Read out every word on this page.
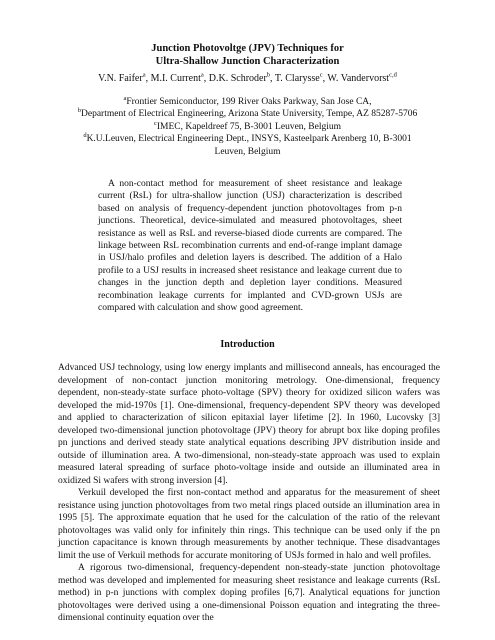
Junction Photovoltge (JPV) Techniques for
Ultra-Shallow Junction Characterization
V.N. Faifer$^a$, M.I. Current$^a$, D.K. Schroder$^b$, T. Clarysse$^c$, W. Vandervorst$^{c,d}$
$^a$Frontier Semiconductor, 199 River Oaks Parkway, San Jose CA,
$^b$Department of Electrical Engineering, Arizona State University, Tempe, AZ 85287-5706
$^c$IMEC, Kapeldreef 75, B-3001 Leuven, Belgium
$^d$K.U.Leuven, Electrical Engineering Dept., INSYS, Kasteelpark Arenberg 10, B-3001
Leuven, Belgium
A non-contact method for measurement of sheet resistance and leakage current (RsL) for ultra-shallow junction (USJ) characterization is described based on analysis of frequency-dependent junction photovoltages from p-n junctions. Theoretical, device-simulated and measured photovoltages, sheet resistance as well as RsL and reverse-biased diode currents are compared. The linkage between RsL recombination currents and end-of-range implant damage in USJ/halo profiles and deletion layers is described. The addition of a Halo profile to a USJ results in increased sheet resistance and leakage current due to changes in the junction depth and depletion layer conditions. Measured recombination leakage currents for implanted and CVD-grown USJs are compared with calculation and show good agreement.
Introduction

Advanced USJ technology, using low energy implants and millisecond anneals, has encouraged the development of non-contact junction monitoring metrology. One-dimensional, frequency dependent, non-steady-state surface photo-voltage (SPV) theory for oxidized silicon wafers was developed the mid-1970s [1]. One-dimensional, frequency-dependent SPV theory was developed and applied to characterization of silicon epitaxial layer lifetime [2]. In 1960, Lucovsky [3] developed two-dimensional junction photovoltage (JPV) theory for abrupt box like doping profiles pn junctions and derived steady state analytical equations describing JPV distribution inside and outside of illumination area. A two-dimensional, non-steady-state approach was used to explain measured lateral spreading of surface photo-voltage inside and outside an illuminated area in oxidized Si wafers with strong inversion [4].

Verkuil developed the first non-contact method and apparatus for the measurement of sheet resistance using junction photovoltages from two metal rings placed outside an illumination area in 1995 [5]. The approximate equation that he used for the calculation of the ratio of the relevant photovoltages was valid only for infinitely thin rings. This technique can be used only if the pn junction capacitance is known through measurements by another technique. These disadvantages limit the use of Verkuil methods for accurate monitoring of USJs formed in halo and well profiles.

A rigorous two-dimensional, frequency-dependent non-steady-state junction photovoltage method was developed and implemented for measuring sheet resistance and leakage currents (RsL method) in p-n junctions with complex doping profiles [6,7]. Analytical equations for junction photovoltages were derived using a one-dimensional Poisson equation and integrating the three-dimensional continuity equation over the
